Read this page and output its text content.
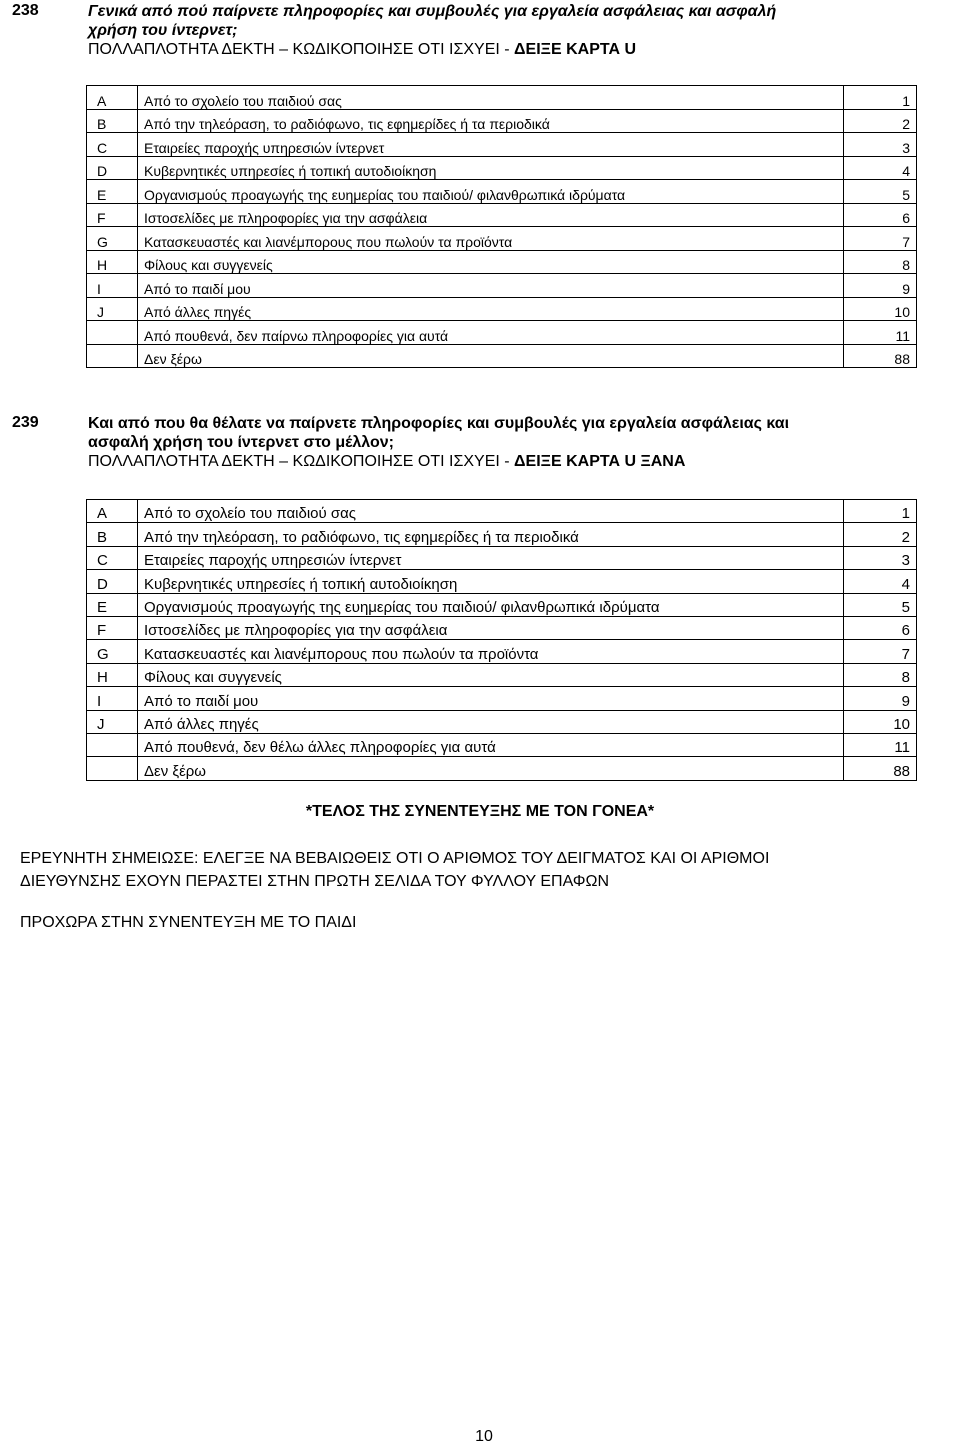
238	Γενικά από πού παίρνετε πληροφορίες και συμβουλές για εργαλεία ασφάλειας και ασφαλή
χρήση του ίντερνετ;
ΠΟΛΛΑΠΛΟΤΗΤΑ ΔΕΚΤΗ – ΚΩΔΙΚΟΠΟΙΗΣΕ ΟΤΙ ΙΣΧΥΕΙ - ΔΕΙΞΕ ΚΑΡΤΑ U
A	Από το σχολείο του παιδιού σας	1
B	Από την τηλεόραση, το ραδιόφωνο, τις εφημερίδες ή τα περιοδικά	2
C	Εταιρείες παροχής υπηρεσιών ίντερνετ	3
D	Κυβερνητικές υπηρεσίες ή τοπική αυτοδιοίκηση	4
E	Οργανισμούς προαγωγής της ευημερίας του παιδιού/ φιλανθρωπικά ιδρύματα	5
F	Ιστοσελίδες με πληροφορίες για την ασφάλεια	6
G	Κατασκευαστές και λιανέμπορους που πωλούν τα προϊόντα	7
H	Φίλους και συγγενείς	8
I	Από το παιδί μου	9
J	Από άλλες πηγές	10
	Από πουθενά, δεν παίρνω πληροφορίες για αυτά	11
	Δεν ξέρω	88
239	Και από που θα θέλατε να παίρνετε πληροφορίες και συμβουλές για εργαλεία ασφάλειας και
ασφαλή χρήση του ίντερνετ στο μέλλον;
ΠΟΛΛΑΠΛΟΤΗΤΑ ΔΕΚΤΗ – ΚΩΔΙΚΟΠΟΙΗΣΕ ΟΤΙ ΙΣΧΥΕΙ - ΔΕΙΞΕ ΚΑΡΤΑ U ΞΑΝΑ
A	Από το σχολείο του παιδιού σας	1
B	Από την τηλεόραση, το ραδιόφωνο, τις εφημερίδες ή τα περιοδικά	2
C	Εταιρείες παροχής υπηρεσιών ίντερνετ	3
D	Κυβερνητικές υπηρεσίες ή τοπική αυτοδιοίκηση	4
E	Οργανισμούς προαγωγής της ευημερίας του παιδιού/ φιλανθρωπικά ιδρύματα	5
F	Ιστοσελίδες με πληροφορίες για την ασφάλεια	6
G	Κατασκευαστές και λιανέμπορους που πωλούν τα προϊόντα	7
H	Φίλους και συγγενείς	8
I	Από το παιδί μου	9
J	Από άλλες πηγές	10
	Από πουθενά, δεν θέλω άλλες πληροφορίες για αυτά	11
	Δεν ξέρω	88
*ΤΕΛΟΣ ΤΗΣ ΣΥΝΕΝΤΕΥΞΗΣ ΜΕ ΤΟΝ ΓΟΝΕΑ*
ΕΡΕΥΝΗΤΗ ΣΗΜΕΙΩΣΕ: ΕΛΕΓΞΕ ΝΑ ΒΕΒΑΙΩΘΕΙΣ ΟΤΙ Ο ΑΡΙΘΜΟΣ ΤΟΥ ΔΕΙΓΜΑΤΟΣ ΚΑΙ ΟΙ ΑΡΙΘΜΟΙ
ΔΙΕΥΘΥΝΣΗΣ ΕΧΟΥΝ ΠΕΡΑΣΤΕΙ ΣΤΗΝ ΠΡΩΤΗ ΣΕΛΙΔΑ ΤΟΥ ΦΥΛΛΟΥ ΕΠΑΦΩΝ
ΠΡΟΧΩΡΑ ΣΤΗΝ ΣΥΝΕΝΤΕΥΞΗ ΜΕ ΤΟ ΠΑΙΔΙ
10
